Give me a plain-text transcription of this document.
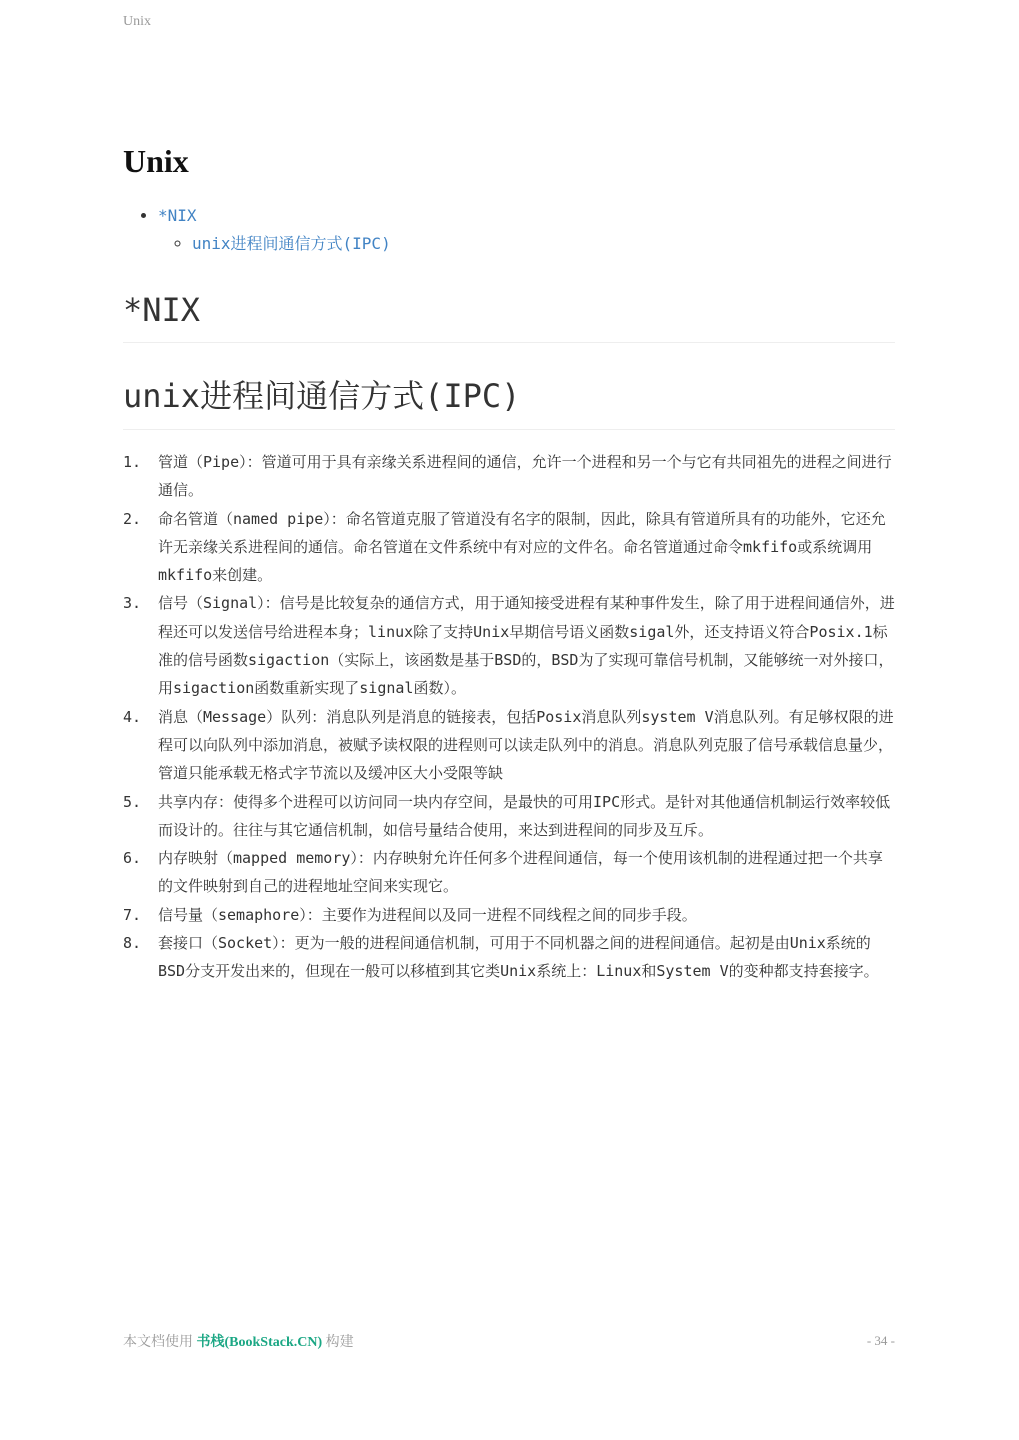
Unix
Unix
• *NIX
◦ unix进程间通信方式(IPC)
*NIX
unix进程间通信方式(IPC)
1. 管道（Pipe）：管道可用于具有亲缘关系进程间的通信，允许一个进程和另一个与它有共同祖先的进程之间进行通信。
2. 命名管道（named pipe）：命名管道克服了管道没有名字的限制，因此，除具有管道所具有的功能外，它还允许无亲缘关系进程间的通信。命名管道在文件系统中有对应的文件名。命名管道通过命令mkfifo或系统调用mkfifo来创建。
3. 信号（Signal）：信号是比较复杂的通信方式，用于通知接受进程有某种事件发生，除了用于进程间通信外，进程还可以发送信号给进程本身；linux除了支持Unix早期信号语义函数sigal外，还支持语义符合Posix.1标准的信号函数sigaction（实际上，该函数是基于BSD的，BSD为了实现可靠信号机制，又能够统一对外接口，用sigaction函数重新实现了signal函数）。
4. 消息（Message）队列：消息队列是消息的链接表，包括Posix消息队列system V消息队列。有足够权限的进程可以向队列中添加消息，被赋予读权限的进程则可以读走队列中的消息。消息队列克服了信号承载信息量少，管道只能承载无格式字节流以及缓冲区大小受限等缺
5. 共享内存：使得多个进程可以访问同一块内存空间，是最快的可用IPC形式。是针对其他通信机制运行效率较低而设计的。往往与其它通信机制，如信号量结合使用，来达到进程间的同步及互斥。
6. 内存映射（mapped memory）：内存映射允许任何多个进程间通信，每一个使用该机制的进程通过把一个共享的文件映射到自己的进程地址空间来实现它。
7. 信号量（semaphore）：主要作为进程间以及同一进程不同线程之间的同步手段。
8. 套接口（Socket）：更为一般的进程间通信机制，可用于不同机器之间的进程间通信。起初是由Unix系统的BSD分支开发出来的，但现在一般可以移植到其它类Unix系统上：Linux和System V的变种都支持套接字。
本文档使用 书栈(BookStack.CN) 构建	- 34 -
